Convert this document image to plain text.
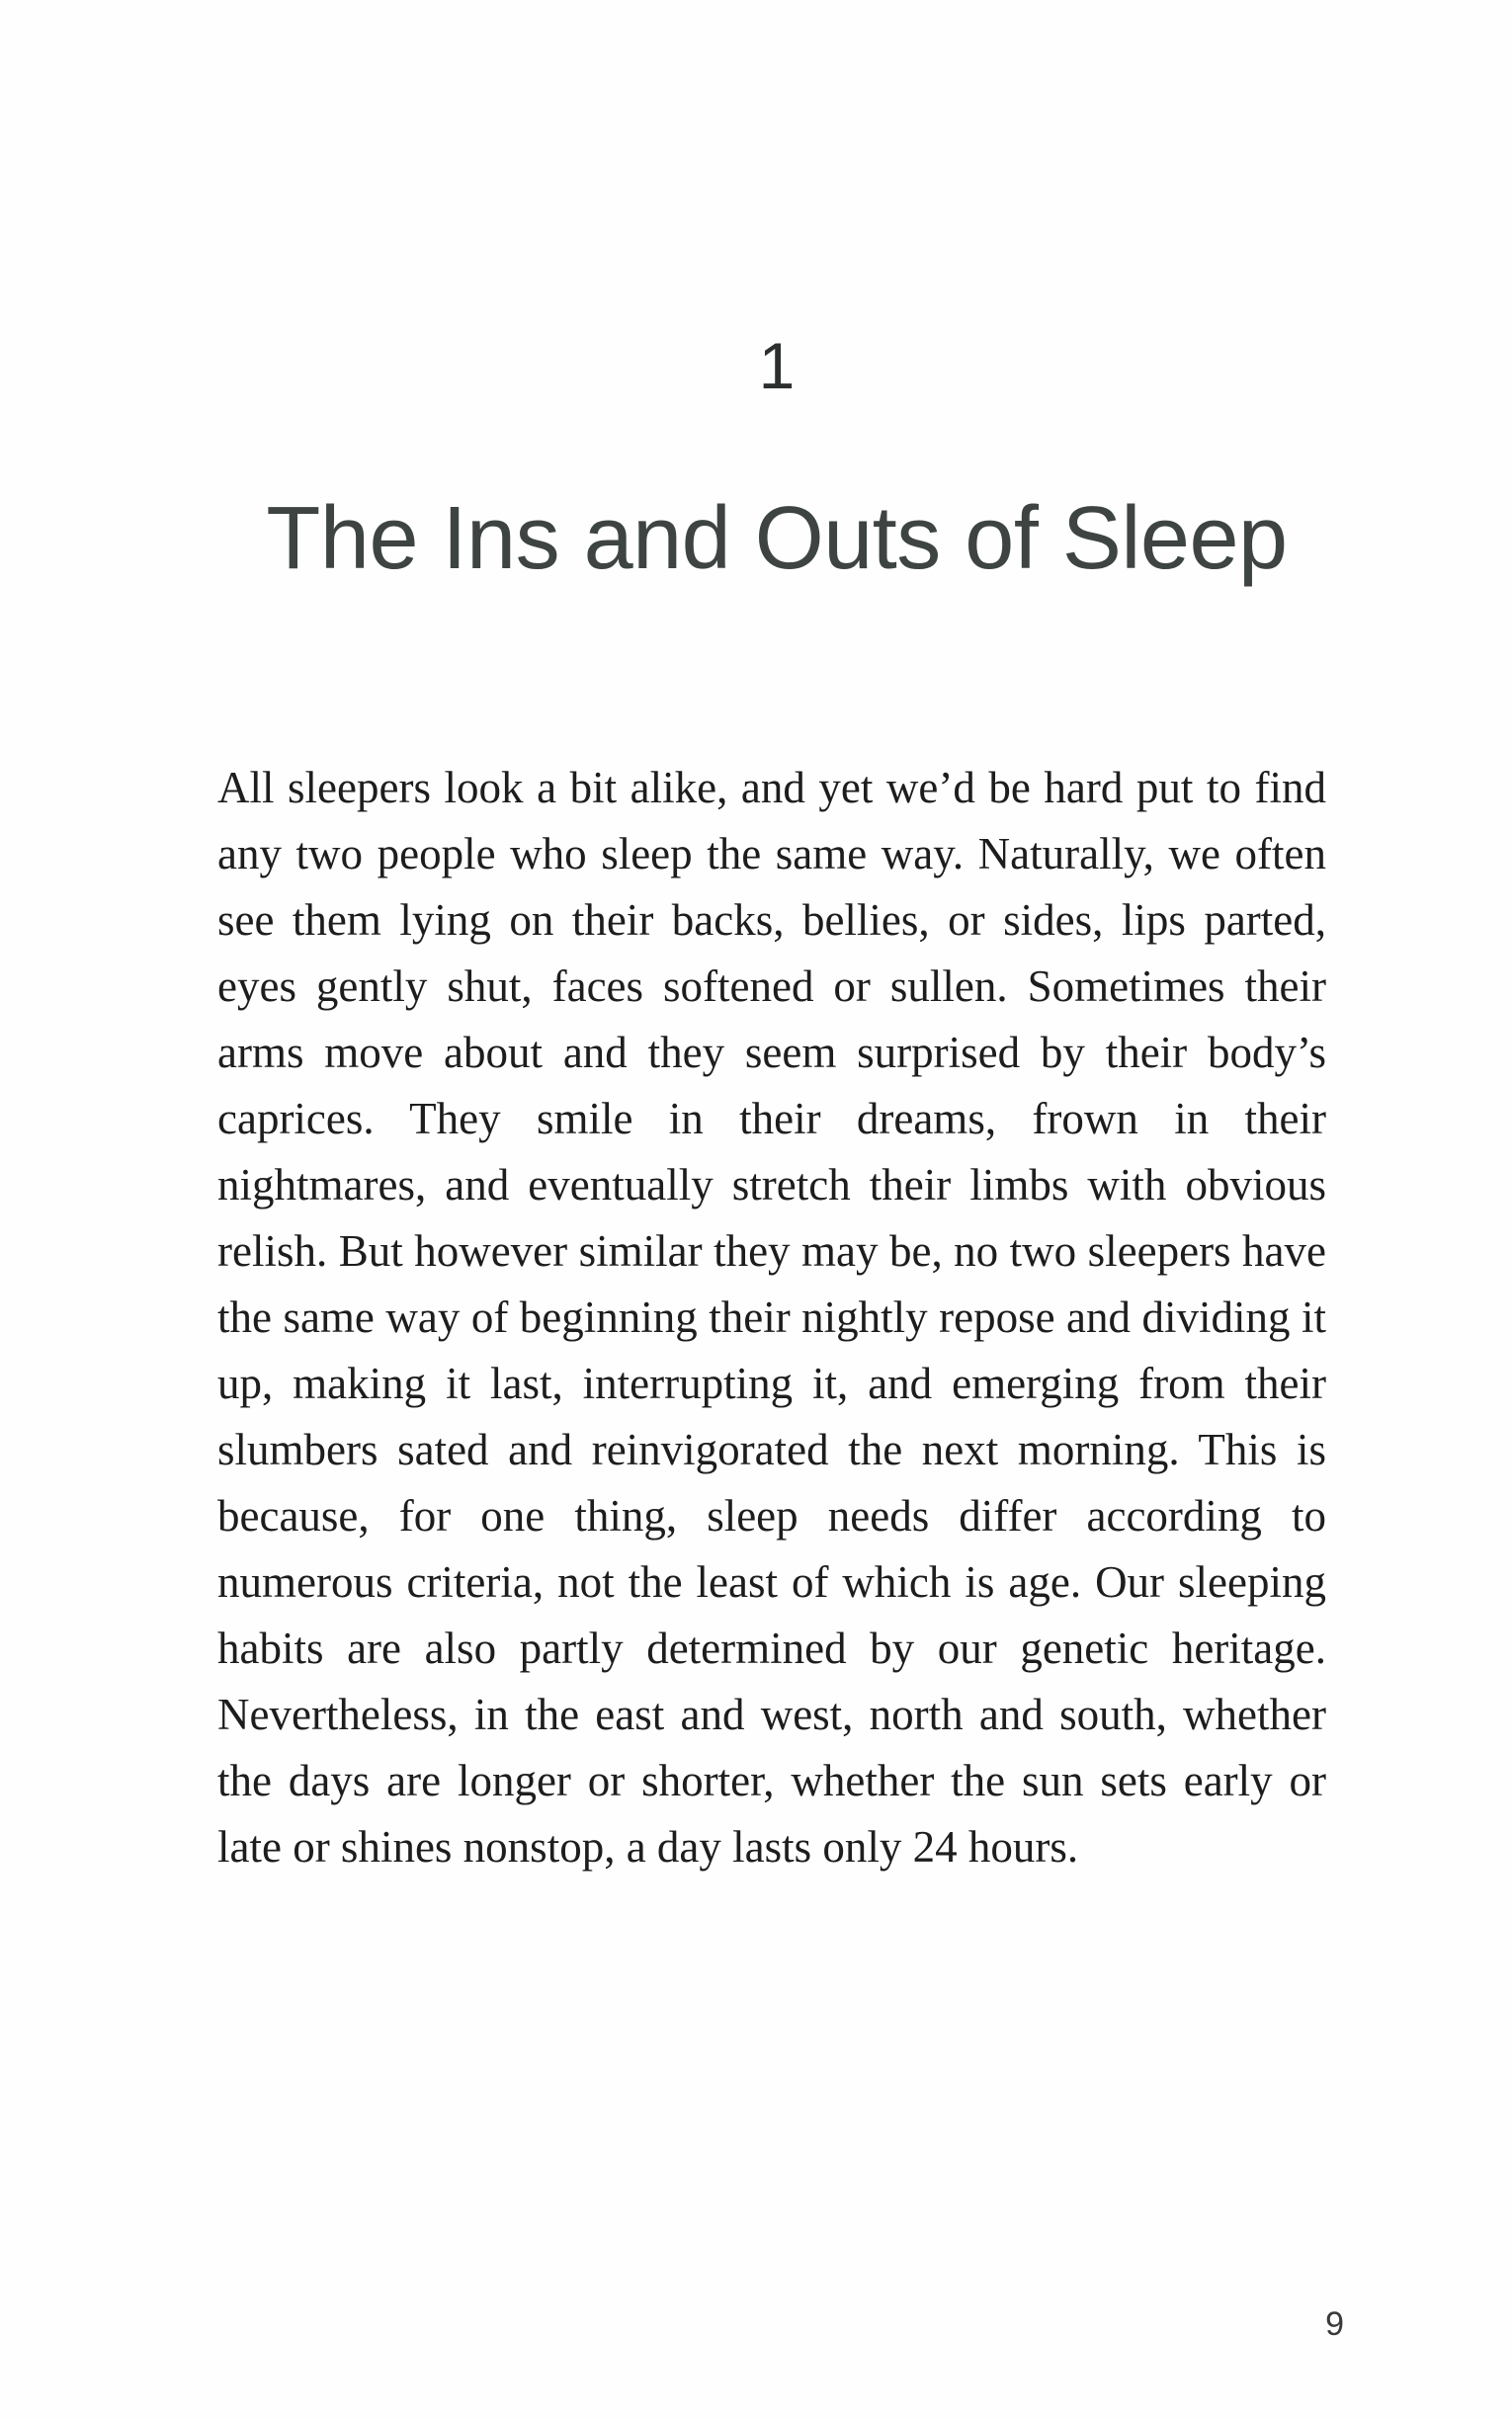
1
The Ins and Outs of Sleep

All sleepers look a bit alike, and yet we’d be hard put to find any two people who sleep the same way. Naturally, we often see them lying on their backs, bellies, or sides, lips parted, eyes gently shut, faces softened or sullen. Sometimes their arms move about and they seem surprised by their body’s caprices. They smile in their dreams, frown in their nightmares, and eventually stretch their limbs with obvious relish. But however similar they may be, no two sleepers have the same way of beginning their nightly repose and dividing it up, making it last, interrupting it, and emerging from their slumbers sated and reinvigorated the next morning. This is because, for one thing, sleep needs differ according to numerous criteria, not the least of which is age. Our sleeping habits are also partly determined by our genetic heritage. Nevertheless, in the east and west, north and south, whether the days are longer or shorter, whether the sun sets early or late or shines nonstop, a day lasts only 24 hours.

9
